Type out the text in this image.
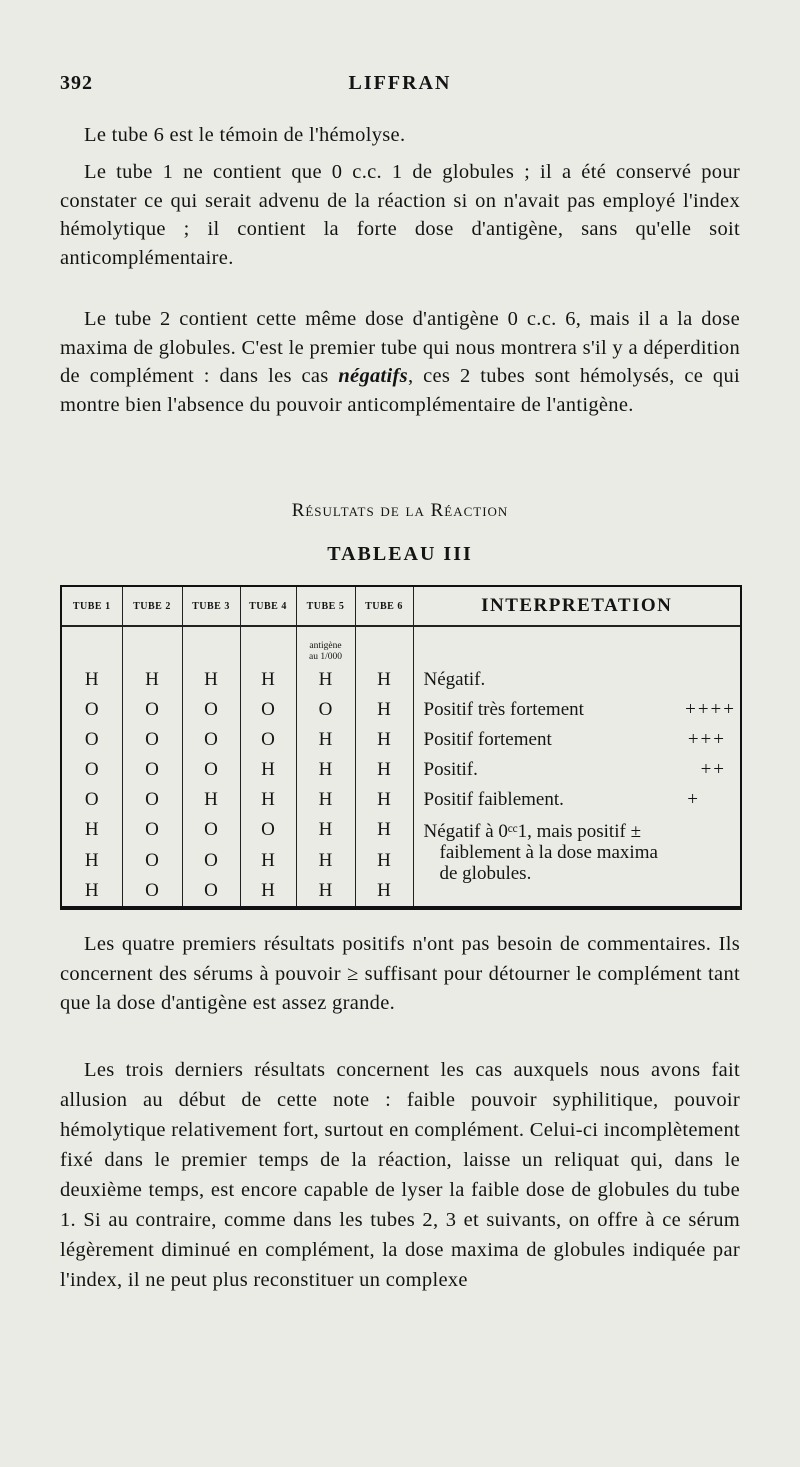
392	LIFFRAN

Le tube 6 est le témoin de l'hémolyse.

Le tube 1 ne contient que 0 c.c. 1 de globules ; il a été conservé pour constater ce qui serait advenu de la réaction si on n'avait pas employé l'index hémolytique ; il contient la forte dose d'antigène, sans qu'elle soit anticomplémentaire.

Le tube 2 contient cette même dose d'antigène 0 c.c. 6, mais il a la dose maxima de globules. C'est le premier tube qui nous montrera s'il y a déperdition de complément : dans les cas négatifs, ces 2 tubes sont hémolysés, ce qui montre bien l'absence du pouvoir anticomplémentaire de l'antigène.

Résultats de la Réaction
TABLEAU III
TUBE 1	TUBE 2	TUBE 3	TUBE 4	TUBE 5	TUBE 6	INTERPRETATION
				antigène
au 1/000		
H	H	H	H	H	H	Négatif.
O	O	O	O	O	H	Positif très fortement ++++

O	O	O	O	H	H	Positif fortement +++

O	O	O	H	H	H	Positif. ++

O	O	H	H	H	H	Positif faiblement. +

H	O	O	O	H	H	Négatif à 0ᶜᶜ1, mais positif ±
faiblement à la dose maxima
de globules.

H	O	O	H	H	H	
H	O	O	H	H	H	

Les quatre premiers résultats positifs n'ont pas besoin de commentaires. Ils concernent des sérums à pouvoir ≥ suffisant pour détourner le complément tant que la dose d'antigène est assez grande.

Les trois derniers résultats concernent les cas auxquels nous avons fait allusion au début de cette note : faible pouvoir syphilitique, pouvoir hémolytique relativement fort, surtout en complément. Celui-ci incomplètement fixé dans le premier temps de la réaction, laisse un reliquat qui, dans le deuxième temps, est encore capable de lyser la faible dose de globules du tube 1. Si au contraire, comme dans les tubes 2, 3 et suivants, on offre à ce sérum légèrement diminué en complément, la dose maxima de globules indiquée par l'index, il ne peut plus reconstituer un complexe
